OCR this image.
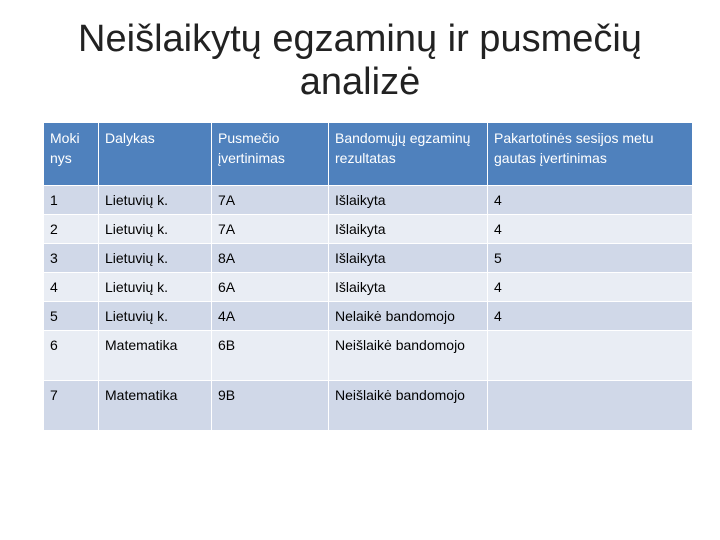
Neišlaikytų egzaminų ir pusmečių
analizė
Moki nys	Dalykas	Pusmečio įvertinimas	Bandomųjų egzaminų rezultatas	Pakartotinės sesijos metu gautas įvertinimas
1	Lietuvių k.	7A	Išlaikyta	4
2	Lietuvių k.	7A	Išlaikyta	4
3	Lietuvių k.	8A	Išlaikyta	5
4	Lietuvių k.	6A	Išlaikyta	4
5	Lietuvių k.	4A	Nelaikė bandomojo	4
6	Matematika	6B	Neišlaikė bandomojo	
7	Matematika	9B	Neišlaikė bandomojo	
